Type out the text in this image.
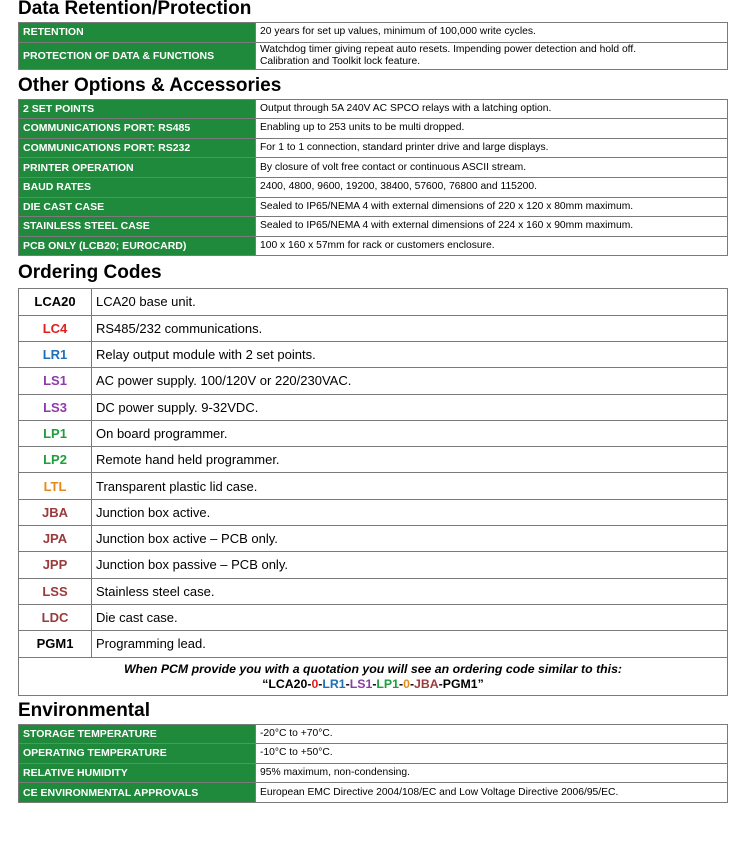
Data Retention/Protection
RETENTION	20 years for set up values, minimum of 100,000 write cycles.
PROTECTION OF DATA & FUNCTIONS	Watchdog timer giving repeat auto resets. Impending power detection and hold off.
Calibration and Toolkit lock feature.
Other Options & Accessories
2 SET POINTS	Output through 5A 240V AC SPCO relays with a latching option.
COMMUNICATIONS PORT: RS485	Enabling up to 253 units to be multi dropped.
COMMUNICATIONS PORT: RS232	For 1 to 1 connection, standard printer drive and large displays.
PRINTER OPERATION	By closure of volt free contact or continuous ASCII stream.
BAUD RATES	2400, 4800, 9600, 19200, 38400, 57600, 76800 and 115200.
DIE CAST CASE	Sealed to IP65/NEMA 4 with external dimensions of 220 x 120 x 80mm maximum.
STAINLESS STEEL CASE	Sealed to IP65/NEMA 4 with external dimensions of 224 x 160 x 90mm maximum.
PCB ONLY (LCB20; EUROCARD)	100 x 160 x 57mm for rack or customers enclosure.
Ordering Codes
LCA20	LCA20 base unit.
LC4	RS485/232 communications.
LR1	Relay output module with 2 set points.
LS1	AC power supply. 100/120V or 220/230VAC.
LS3	DC power supply. 9-32VDC.
LP1	On board programmer.
LP2	Remote hand held programmer.
LTL	Transparent plastic lid case.
JBA	Junction box active.
JPA	Junction box active – PCB only.
JPP	Junction box passive – PCB only.
LSS	Stainless steel case.
LDC	Die cast case.
PGM1	Programming lead.

When PCM provide you with a quotation you will see an ordering code similar to this:
“LCA20-0-LR1-LS1-LP1-0-JBA-PGM1”	
Environmental
STORAGE TEMPERATURE	-20°C to +70°C.
OPERATING TEMPERATURE	-10°C to +50°C.
RELATIVE HUMIDITY	95% maximum, non-condensing.
CE ENVIRONMENTAL APPROVALS	European EMC Directive 2004/108/EC and Low Voltage Directive 2006/95/EC.
